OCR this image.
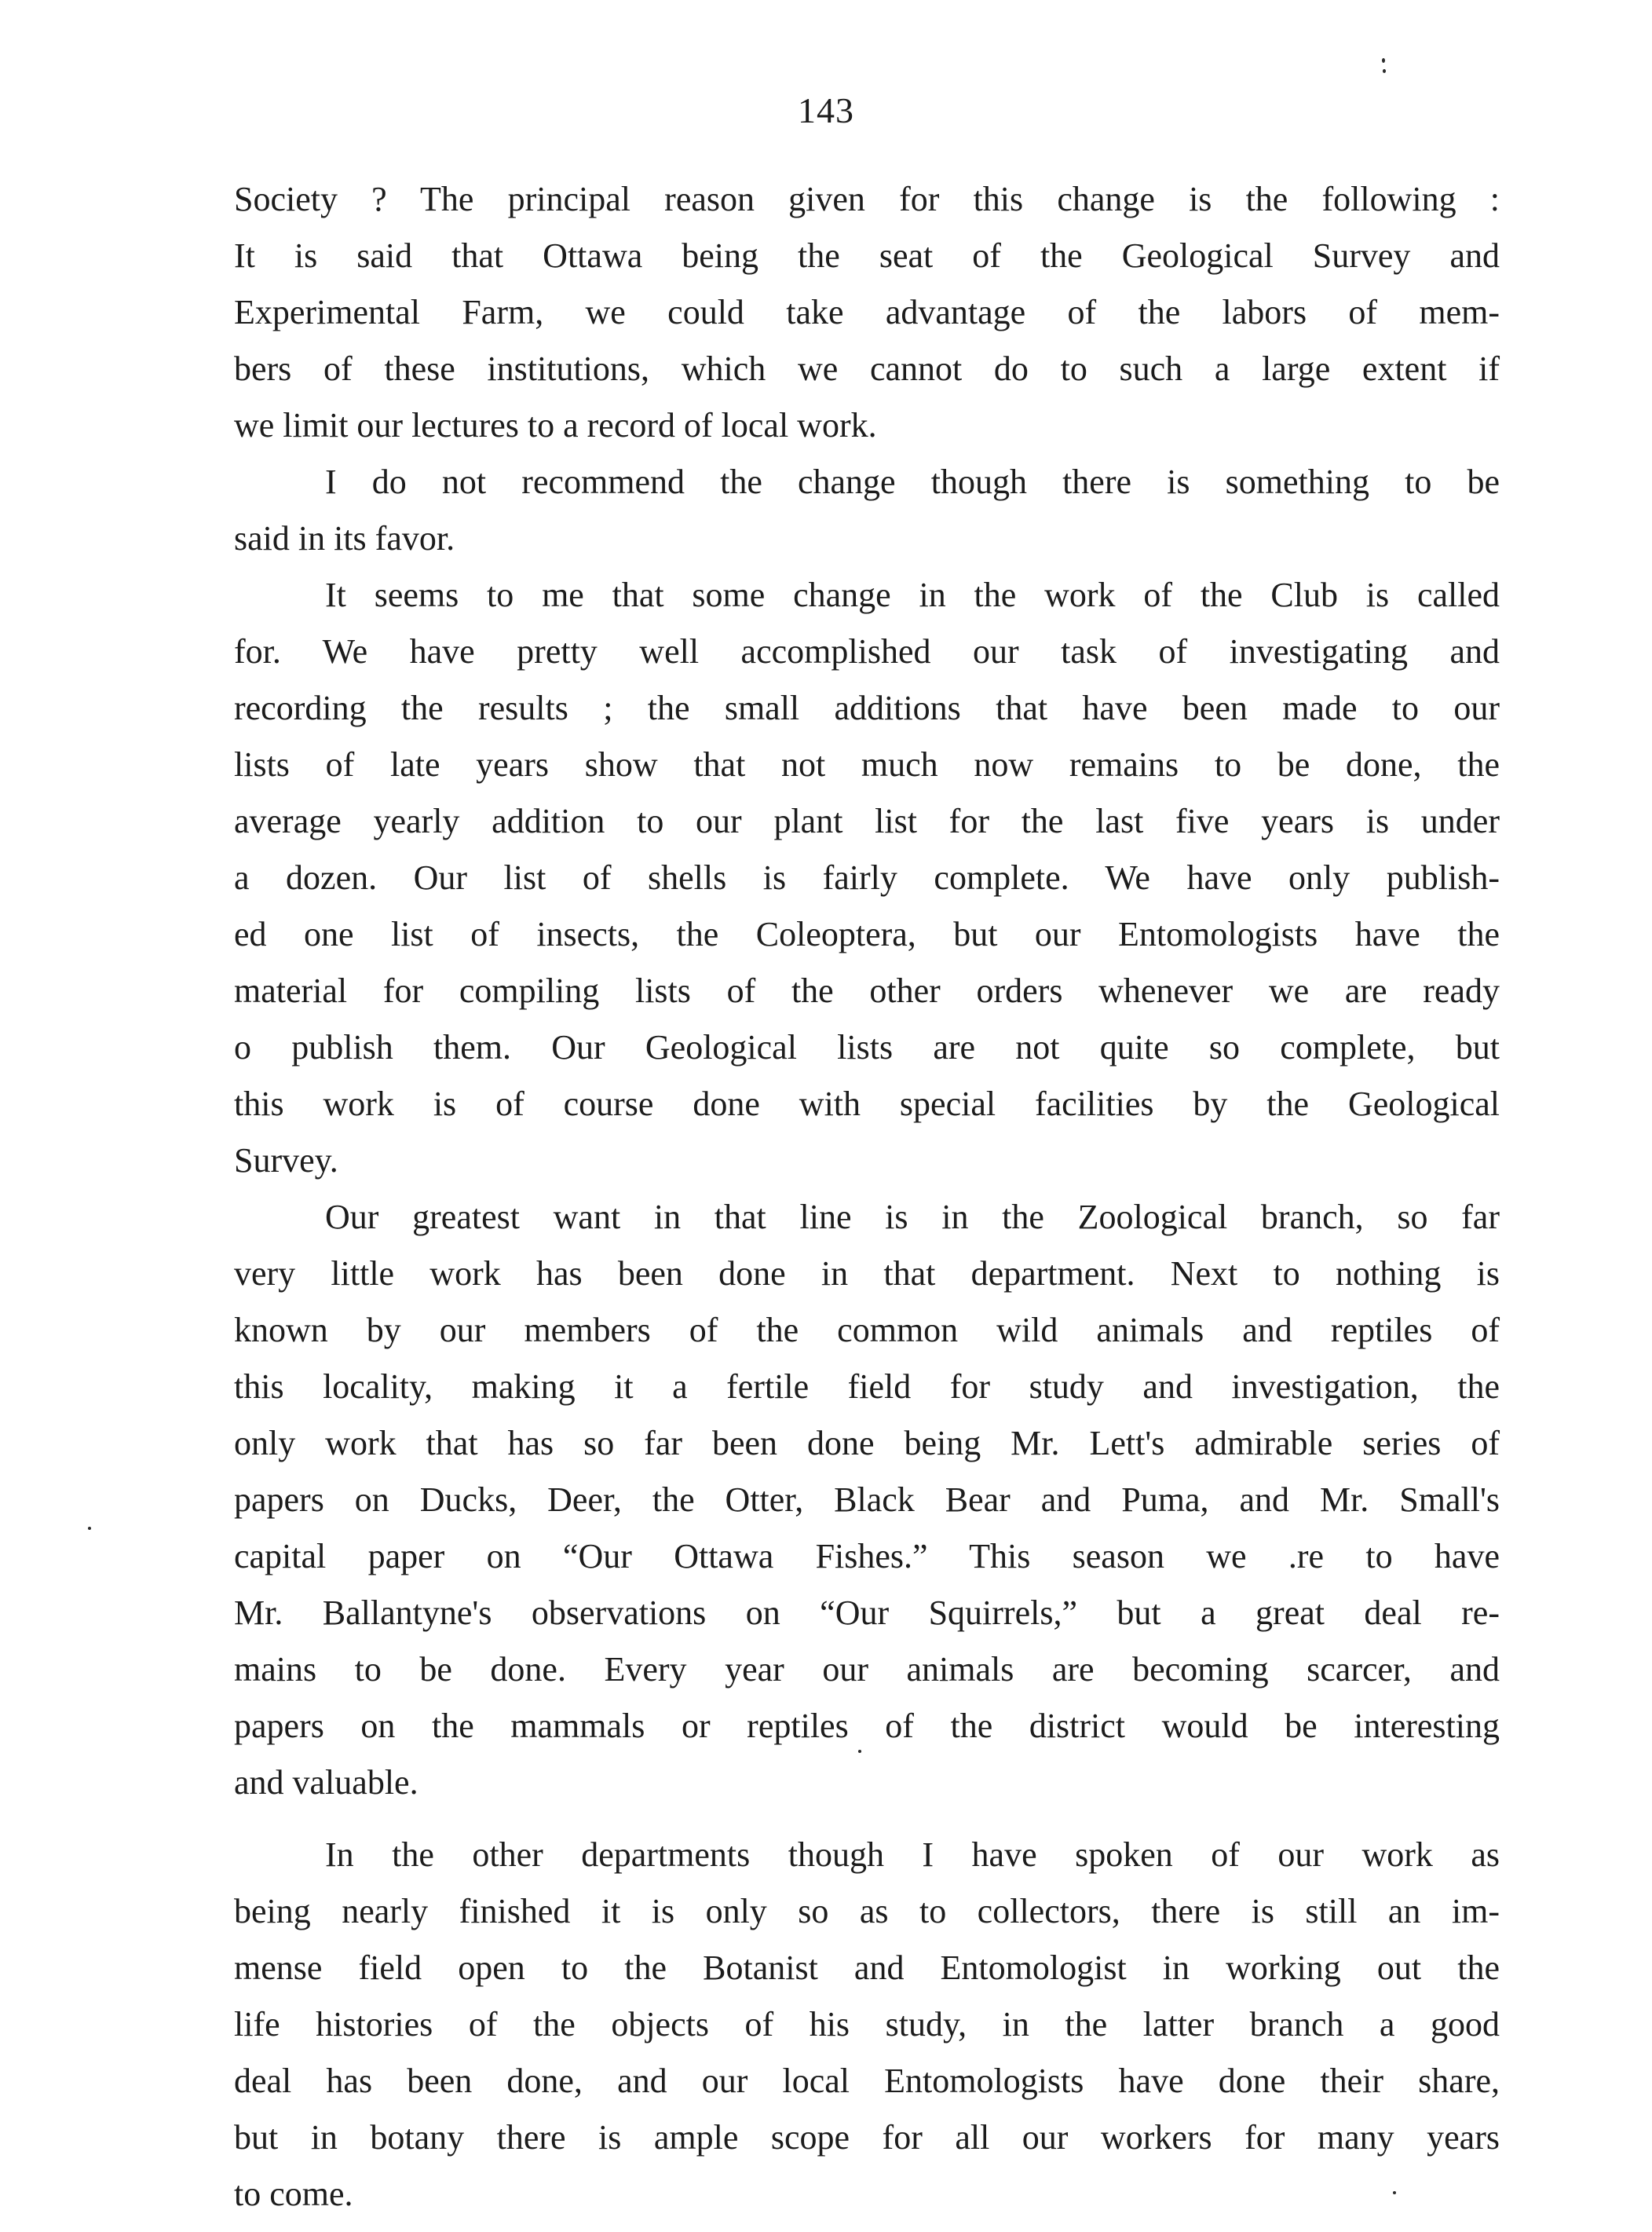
143
Society ? The principal reason given for this change is the following :
It is said that Ottawa being the seat of the Geological Survey and
Experimental Farm, we could take advantage of the labors of mem-
bers of these institutions, which we cannot do to such a large extent if
we limit our lectures to a record of local work.
I do not recommend the change though there is something to be
said in its favor.
It seems to me that some change in the work of the Club is called
for. We have pretty well accomplished our task of investigating and
recording the results ; the small additions that have been made to our
lists of late years show that not much now remains to be done, the
average yearly addition to our plant list for the last five years is under
a dozen. Our list of shells is fairly complete. We have only publish-
ed one list of insects, the Coleoptera, but our Entomologists have the
material for compiling lists of the other orders whenever we are ready
o publish them. Our Geological lists are not quite so complete, but
this work is of course done with special facilities by the Geological
Survey.
Our greatest want in that line is in the Zoological branch, so far
very little work has been done in that department. Next to nothing is
known by our members of the common wild animals and reptiles of
this locality, making it a fertile field for study and investigation, the
only work that has so far been done being Mr. Lett's admirable series of
papers on Ducks, Deer, the Otter, Black Bear and Puma, and Mr. Small's
capital paper on “Our Ottawa Fishes.” This season we .re to have
Mr. Ballantyne's observations on “Our Squirrels,” but a great deal re-
mains to be done. Every year our animals are becoming scarcer, and
papers on the mammals or reptiles of the district would be interesting
and valuable.
In the other departments though I have spoken of our work as
being nearly finished it is only so as to collectors, there is still an im-
mense field open to the Botanist and Entomologist in working out the
life histories of the objects of his study, in the latter branch a good
deal has been done, and our local Entomologists have done their share,
but in botany there is ample scope for all our workers for many years
to come.
